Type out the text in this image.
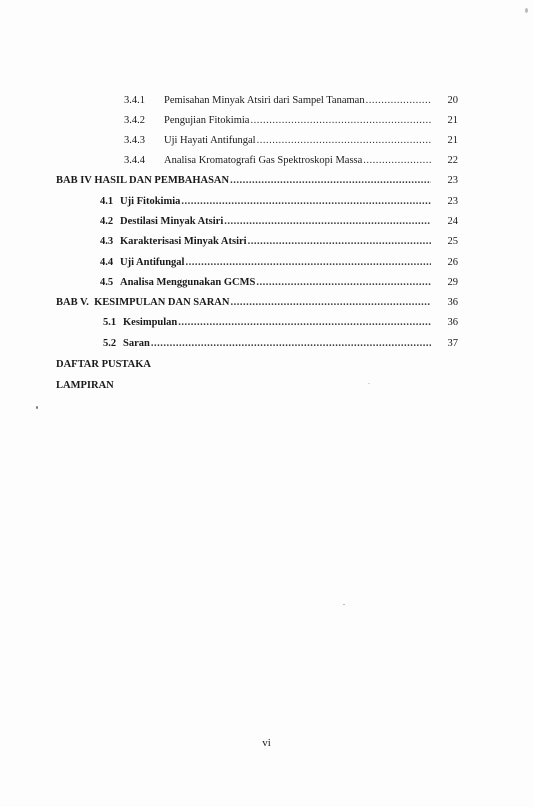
3.4.1	Pemisahan Minyak Atsiri dari Sampel Tanaman .....	20
3.4.2	Pengujian Fitokimia .....	21
3.4.3	Uji Hayati Antifungal .....	21
3.4.4	Analisa Kromatografi Gas Spektroskopi Massa .....	22
BAB IV HASIL DAN PEMBAHASAN .....	23
4.1 Uji Fitokimia .....	23
4.2 Destilasi Minyak Atsiri .....	24
4.3 Karakterisasi Minyak Atsiri .....	25
4.4 Uji Antifungal .....	26
4.5 Analisa Menggunakan GCMS .....	29
BAB V.  KESIMPULAN DAN SARAN .....	36
5.1 Kesimpulan .....	36
5.2 Saran .....	37
DAFTAR PUSTAKA
LAMPIRAN
vi
